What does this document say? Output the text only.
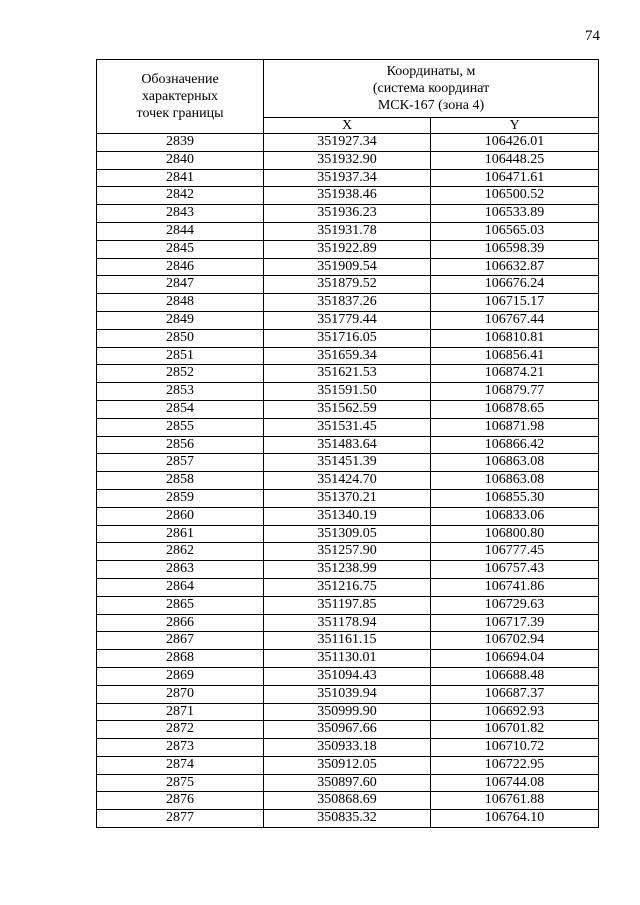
74
Обозначение
характерных
точек границы	Координаты, м
(система координат
МСК-167 (зона 4)	

	X	Y
2839	351927.34	106426.01
2840	351932.90	106448.25
2841	351937.34	106471.61
2842	351938.46	106500.52
2843	351936.23	106533.89
2844	351931.78	106565.03
2845	351922.89	106598.39
2846	351909.54	106632.87
2847	351879.52	106676.24
2848	351837.26	106715.17
2849	351779.44	106767.44
2850	351716.05	106810.81
2851	351659.34	106856.41
2852	351621.53	106874.21
2853	351591.50	106879.77
2854	351562.59	106878.65
2855	351531.45	106871.98
2856	351483.64	106866.42
2857	351451.39	106863.08
2858	351424.70	106863.08
2859	351370.21	106855.30
2860	351340.19	106833.06
2861	351309.05	106800.80
2862	351257.90	106777.45
2863	351238.99	106757.43
2864	351216.75	106741.86
2865	351197.85	106729.63
2866	351178.94	106717.39
2867	351161.15	106702.94
2868	351130.01	106694.04
2869	351094.43	106688.48
2870	351039.94	106687.37
2871	350999.90	106692.93
2872	350967.66	106701.82
2873	350933.18	106710.72
2874	350912.05	106722.95
2875	350897.60	106744.08
2876	350868.69	106761.88
2877	350835.32	106764.10
